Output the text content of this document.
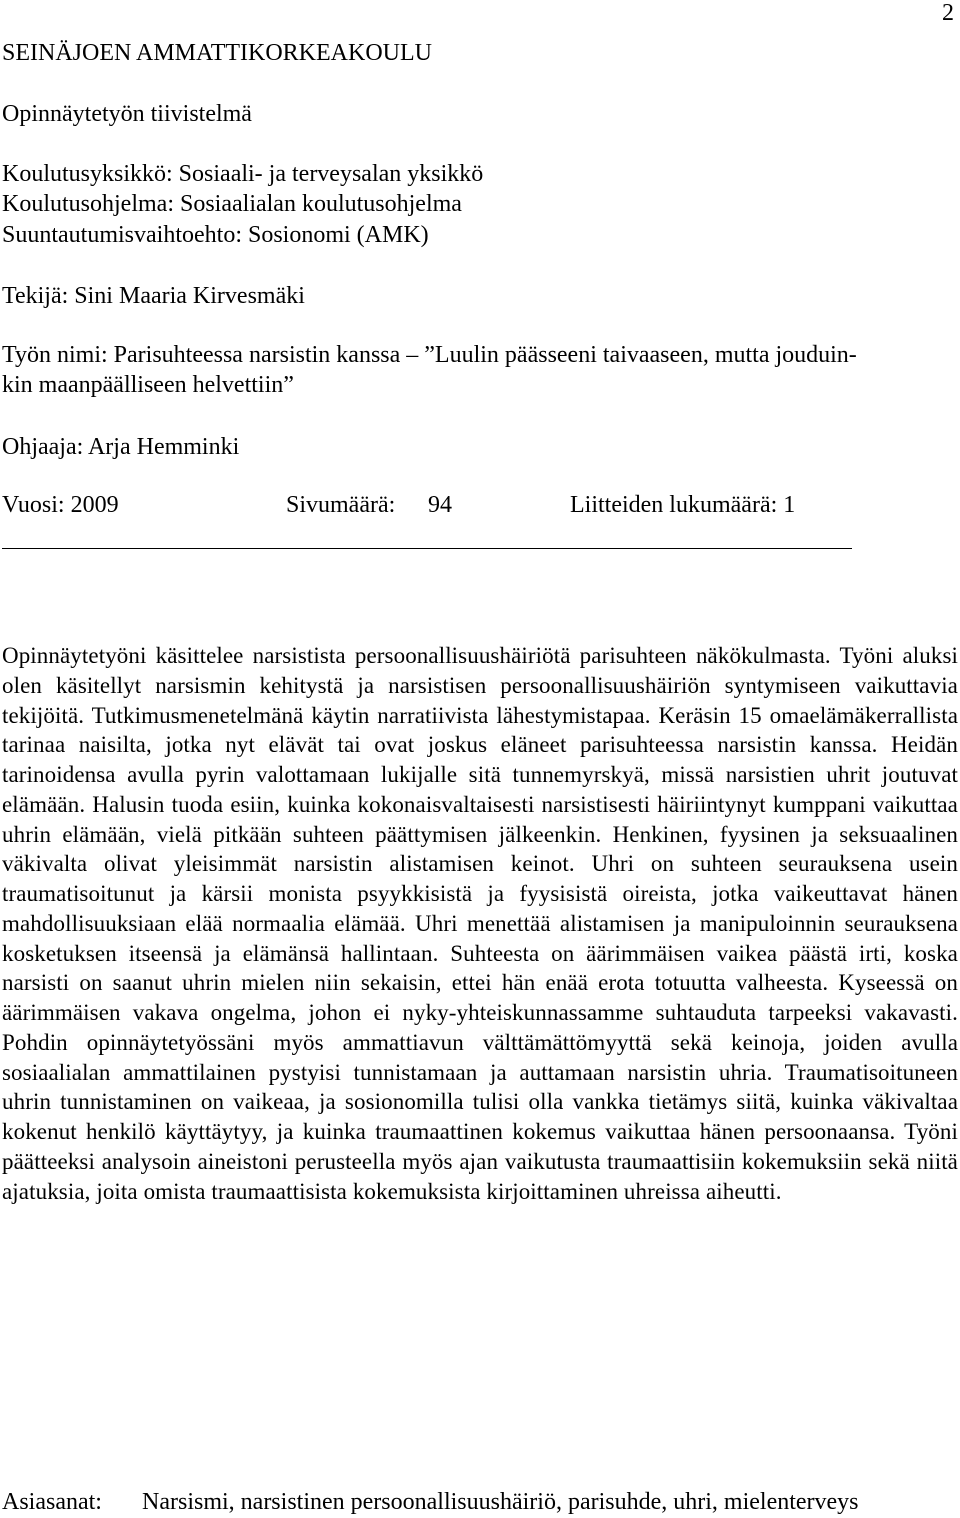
2
SEINÄJOEN AMMATTIKORKEAKOULU
Opinnäytetyön tiivistelmä
Koulutusyksikkö: Sosiaali- ja terveysalan yksikkö
Koulutusohjelma: Sosiaalialan koulutusohjelma
Suuntautumisvaihtoehto: Sosionomi (AMK)
Tekijä: Sini Maaria Kirvesmäki
Työn nimi: Parisuhteessa narsistin kanssa – ”Luulin päässeeni taivaaseen, mutta jouduin-
kin maanpäälliseen helvettiin”
Ohjaaja: Arja Hemminki
Vuosi: 2009	Sivumäärä: 94	Liitteiden lukumäärä: 1
Opinnäytetyöni käsittelee narsistista persoonallisuushäiriötä parisuhteen näkökulmasta. Työni aluksi olen käsitellyt narsismin kehitystä ja narsistisen persoonallisuushäiriön syntymiseen vaikuttavia tekijöitä. Tutkimusmenetelmänä käytin narratiivista lähestymistapaa. Keräsin 15 omaelämäkerrallista tarinaa naisilta, jotka nyt elävät tai ovat joskus eläneet parisuhteessa narsistin kanssa. Heidän tarinoidensa avulla pyrin valottamaan lukijalle sitä tunnemyrskyä, missä narsistien uhrit joutuvat elämään. Halusin tuoda esiin, kuinka kokonaisvaltaisesti narsistisesti häiriintynyt kumppani vaikuttaa uhrin elämään, vielä pitkään suhteen päättymisen jälkeenkin. Henkinen, fyysinen ja seksuaalinen väkivalta olivat yleisimmät narsistin alistamisen keinot. Uhri on suhteen seurauksena usein traumatisoitunut ja kärsii monista psyykkisistä ja fyysisistä oireista, jotka vaikeuttavat hänen mahdollisuuksiaan elää normaalia elämää. Uhri menettää alistamisen ja manipuloinnin seurauksena kosketuksen itseensä ja elämänsä hallintaan. Suhteesta on äärimmäisen vaikea päästä irti, koska narsisti on saanut uhrin mielen niin sekaisin, ettei hän enää erota totuutta valheesta. Kyseessä on äärimmäisen vakava ongelma, johon ei nyky-yhteiskunnassamme suhtauduta tarpeeksi vakavasti. Pohdin opinnäytetyössäni myös ammattiavun välttämättömyyttä sekä keinoja, joiden avulla sosiaalialan ammattilainen pystyisi tunnistamaan ja auttamaan narsistin uhria. Traumatisoituneen uhrin tunnistaminen on vaikeaa, ja sosionomilla tulisi olla vankka tietämys siitä, kuinka väkivaltaa kokenut henkilö käyttäytyy, ja kuinka traumaattinen kokemus vaikuttaa hänen persoonaansa. Työni päätteeksi analysoin aineistoni perusteella myös ajan vaikutusta traumaattisiin kokemuksiin sekä niitä ajatuksia, joita omista traumaattisista kokemuksista kirjoittaminen uhreissa aiheutti.
Asiasanat: Narsismi, narsistinen persoonallisuushäiriö, parisuhde, uhri, mielenterveys
